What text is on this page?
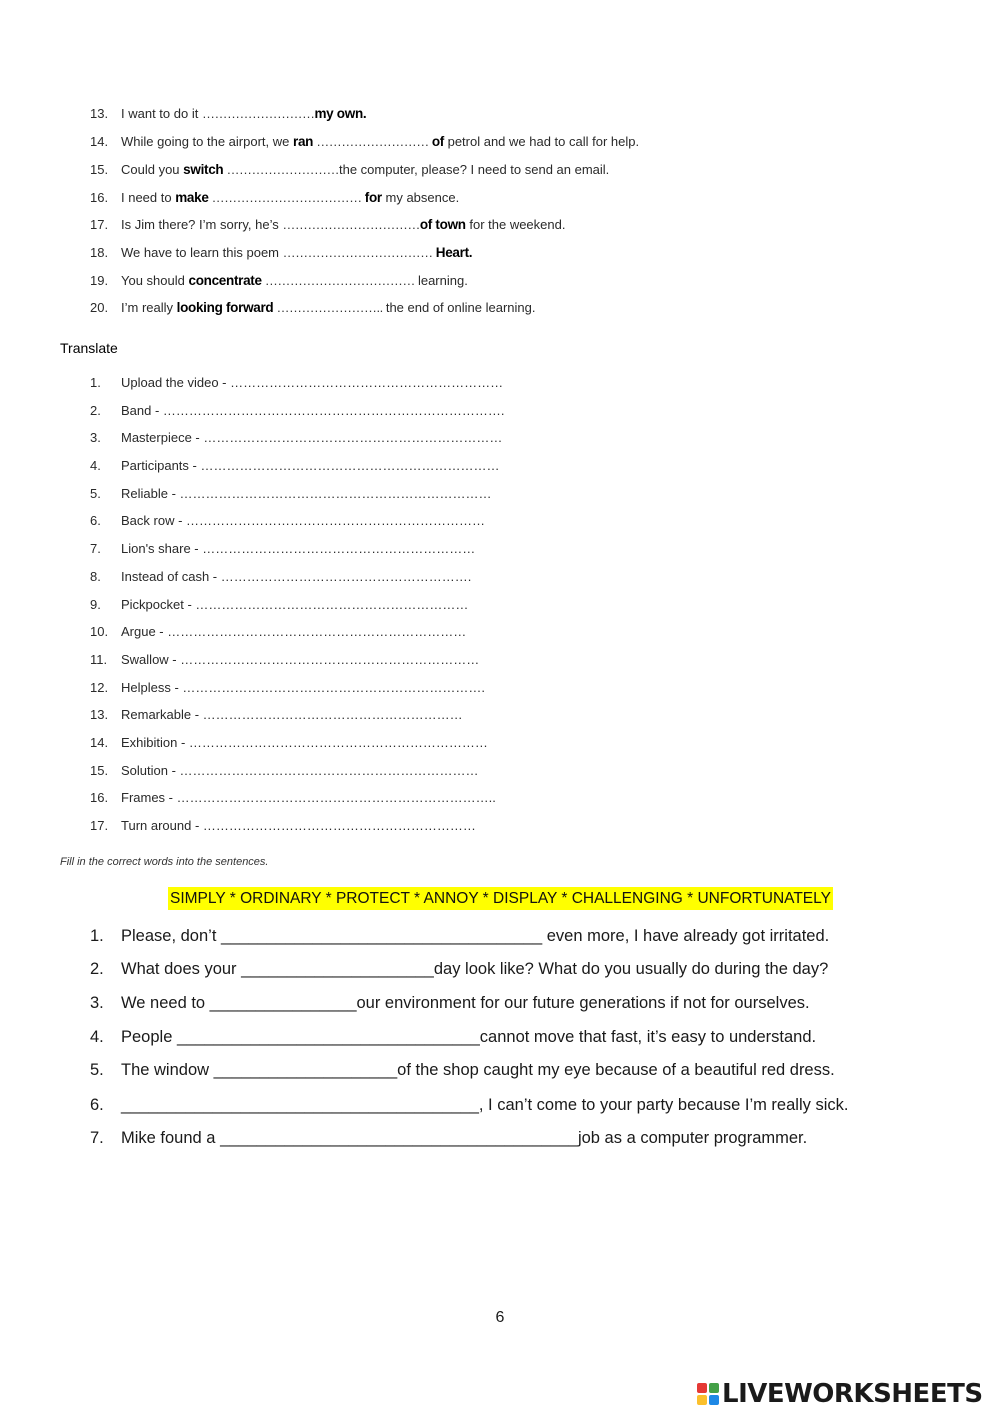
13. I want to do it ………………………my own.
14. While going to the airport, we ran ……………………… of petrol and we had to call for help.
15. Could you switch ………………………the computer, please? I need to send an email.
16. I need to make ……………………………… for my absence.
17. Is Jim there? I’m sorry, he’s ……………………………of town for the weekend.
18. We have to learn this poem ……………………………… Heart.
19. You should concentrate ……………………………… learning.
20. I’m really looking forward …………………….. the end of online learning.
Translate
1.	Upload the video - ………………………………………………………
2.	Band - …………………………………………………………………….
3.	Masterpiece - ……………………………………………………………
4.	Participants - ……………………………………………………………
5.	Reliable - ………………………………………………………………
6.	Back row - ……………………………………………………………
7.	Lion's share - ………………………………………………………
8.	Instead of cash - ………………………………………………….
9.	Pickpocket - ………………………………………………………
10. Argue - ……………………………………………………………
11.	Swallow - ……………………………………………………………
12. Helpless - …………………………………………………………….
13. Remarkable - ……………………………………………………
14. Exhibition - ……………………………………………………………
15. Solution - ……………………………………………………………
16. Frames - ………………………………………………………………..
17. Turn around - ………………………………………………………
Fill in the correct words into the sentences.
SIMPLY * ORDINARY * PROTECT * ANNOY * DISPLAY * CHALLENGING * UNFORTUNATELY
1.	Please, don’t ___________________________________ even more, I have already got irritated.
2.	What does your _____________________day look like? What do you usually do during the day?
3.	We need to ________________our environment for our future generations if not for ourselves.
4.	People _________________________________cannot move that fast, it’s easy to understand.
5.	The window ____________________of the shop caught my eye because of a beautiful red dress.
6.	_______________________________________, I can’t come to your party because I’m really sick.
7.	Mike found a _______________________________________job as a computer programmer.
6
LIVEWORKSHEETS
